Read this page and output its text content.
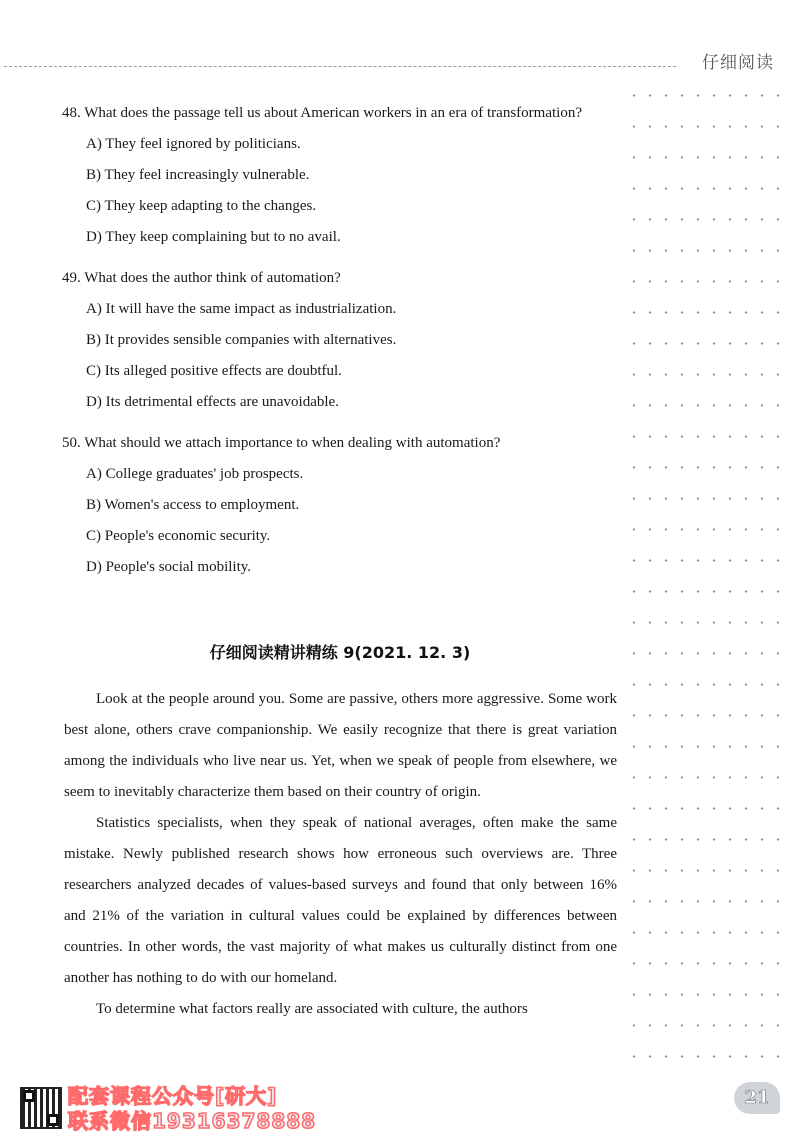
仔细阅读

48. What does the passage tell us about American workers in an era of transformation?

A) They feel ignored by politicians.

B) They feel increasingly vulnerable.

C) They keep adapting to the changes.

D) They keep complaining but to no avail.

49. What does the author think of automation?

A) It will have the same impact as industrialization.

B) It provides sensible companies with alternatives.

C) Its alleged positive effects are doubtful.

D) Its detrimental effects are unavoidable.

50. What should we attach importance to when dealing with automation?

A) College graduates' job prospects.

B) Women's access to employment.

C) People's economic security.

D) People's social mobility.

仔细阅读精讲精练 9(2021. 12. 3)

Look at the people around you. Some are passive, others more aggressive. Some work best alone, others crave companionship. We easily recognize that there is great variation among the individuals who live near us. Yet, when we speak of people from elsewhere, we seem to inevitably characterize them based on their country of origin.

Statistics specialists, when they speak of national averages, often make the same mistake. Newly published research shows how erroneous such overviews are. Three researchers analyzed decades of values-based surveys and found that only between 16% and 21% of the variation in cultural values could be explained by differences between countries. In other words, the vast majority of what makes us culturally distinct from one another has nothing to do with our homeland.

To determine what factors really are associated with culture, the authors

配套课程公众号[研大]
联系微信19316378888
21
